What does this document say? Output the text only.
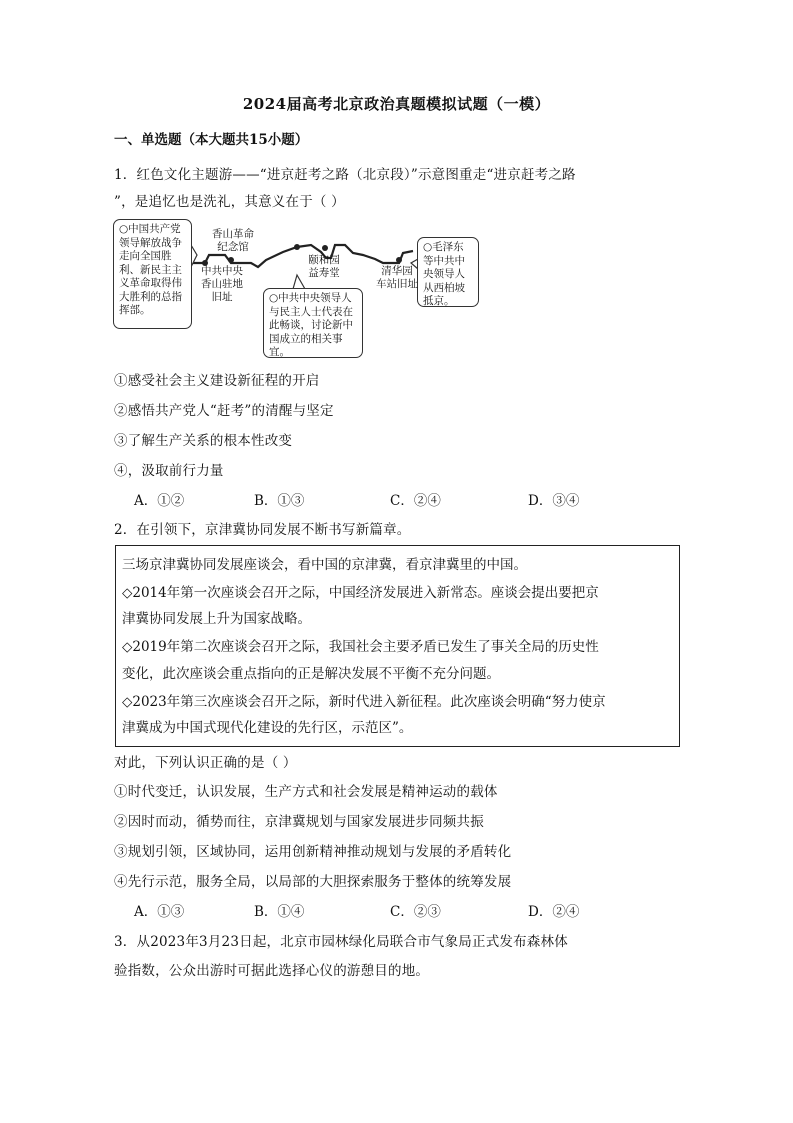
2024届高考北京政治真题模拟试题（一模）
一、单选题（本大题共15小题）
1．红色文化主题游——“进京赶考之路（北京段）”示意图重走“进京赶考之路
”，是追忆也是洗礼，其意义在于（ ）
○中国共产党领导解放战争走向全国胜利、新民主主义革命取得伟大胜利的总指挥部。
○中共中央领导人与民主人士代表在此畅谈，讨论新中国成立的相关事宜。
○毛泽东等中共中央领导人从西柏坡抵京。
中共中央
香山驻地
旧址
香山革命
纪念馆
颐和园
益寿堂	清华园
车站旧址
①感受社会主义建设新征程的开启
②感悟共产党人“赶考”的清醒与坚定
③了解生产关系的根本性改变
④，汲取前行力量
A．①②	B．①③	C．②④	D．③④
2．在引领下，京津冀协同发展不断书写新篇章。
三场京津冀协同发展座谈会，看中国的京津冀，看京津冀里的中国。
◇2014年第一次座谈会召开之际，中国经济发展进入新常态。座谈会提出要把京
津冀协同发展上升为国家战略。
◇2019年第二次座谈会召开之际，我国社会主要矛盾已发生了事关全局的历史性
变化，此次座谈会重点指向的正是解决发展不平衡不充分问题。
◇2023年第三次座谈会召开之际，新时代进入新征程。此次座谈会明确“努力使京
津冀成为中国式现代化建设的先行区，示范区”。
对此，下列认识正确的是（ ）
①时代变迁，认识发展，生产方式和社会发展是精神运动的载体
②因时而动，循势而往，京津冀规划与国家发展进步同频共振
③规划引领，区域协同，运用创新精神推动规划与发展的矛盾转化
④先行示范，服务全局，以局部的大胆探索服务于整体的统筹发展
A．①③	B．①④	C．②③	D．②④
3．从2023年3月23日起，北京市园林绿化局联合市气象局正式发布森林体
验指数，公众出游时可据此选择心仪的游憩目的地。
